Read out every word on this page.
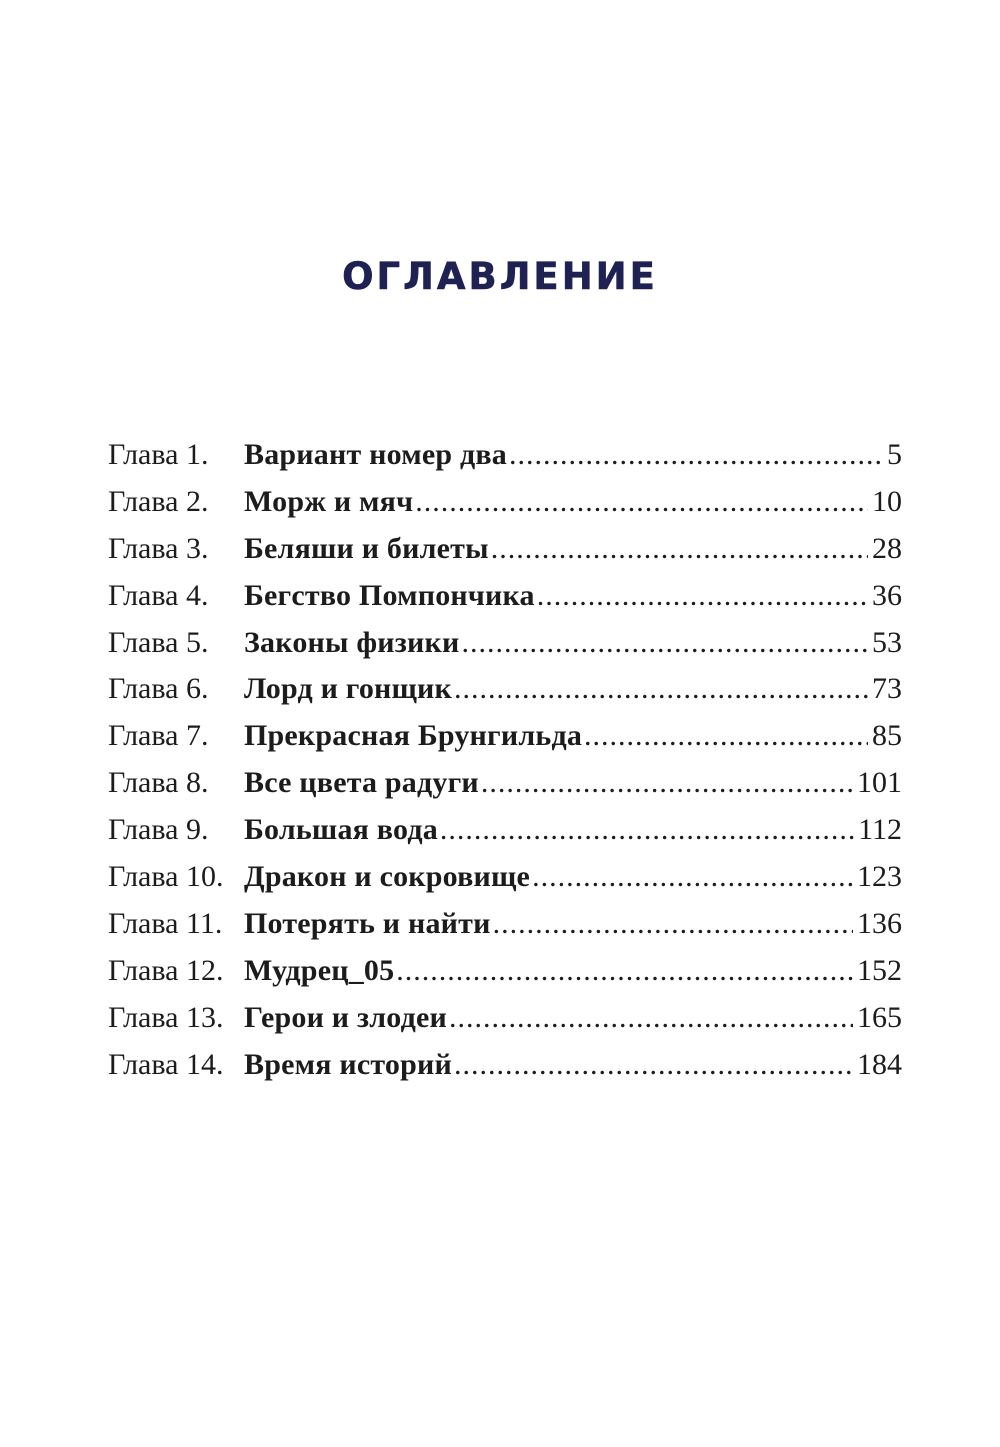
ОГЛАВЛЕНИЕ
Глава 1.	Вариант номер два .....	5
Глава 2.	Морж и мяч .....	10
Глава 3.	Беляши и билеты .....	28
Глава 4.	Бегство Помпончика .....	36
Глава 5.	Законы физики .....	53
Глава 6.	Лорд и гонщик .....	73
Глава 7.	Прекрасная Брунгильда .....	85
Глава 8.	Все цвета радуги .....	101
Глава 9.	Большая вода .....	112
Глава 10. Дракон и сокровище .....	123
Глава 11. Потерять и найти .....	136
Глава 12. Мудрец_05 .....	152
Глава 13. Герои и злодеи .....	165
Глава 14. Время историй .....	184
